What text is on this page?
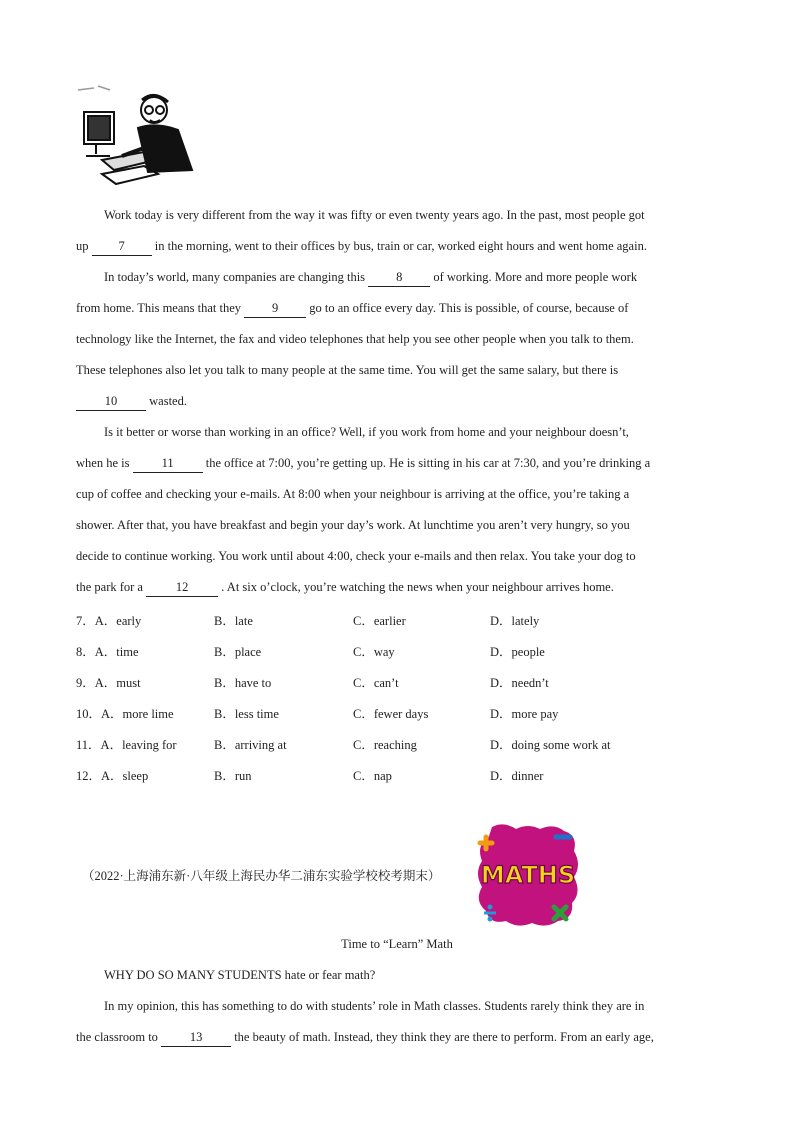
Work today is very different from the way it was fifty or even twenty years ago. In the past, most people got
up 7 in the morning, went to their offices by bus, train or car, worked eight hours and went home again.
In today’s world, many companies are changing this 8 of working. More and more people work
from home. This means that they 9 go to an office every day. This is possible, of course, because of
technology like the Internet, the fax and video telephones that help you see other people when you talk to them.
These telephones also let you talk to many people at the same time. You will get the same salary, but there is
10 wasted.
Is it better or worse than working in an office? Well, if you work from home and your neighbour doesn’t,
when he is 11 the office at 7:00, you’re getting up. He is sitting in his car at 7:30, and you’re drinking a
cup of coffee and checking your e-mails. At 8:00 when your neighbour is arriving at the office, you’re taking a
shower. After that, you have breakfast and begin your day’s work. At lunchtime you aren’t very hungry, so you
decide to continue working. You work until about 4:00, check your e-mails and then relax. You take your dog to
the park for a 12 . At six o’clock, you’re watching the news when your neighbour arrives home.
7．A．early	B．late	C．earlier	D．lately
8．A．time	B．place	C．way	D．people
9．A．must	B．have to	C．can’t	D．needn’t
10．A．more lime	B．less time	C．fewer days	D．more pay
11．A．leaving for	B．arriving at	C．reaching	D．doing some work at
12．A．sleep	B．run	C．nap	D．dinner
（2022·上海浦东新·八年级上海民办华二浦东实验学校校考期末） MATHS
Time to “Learn” Math
WHY DO SO MANY STUDENTS hate or fear math?
In my opinion, this has something to do with students’ role in Math classes. Students rarely think they are in
the classroom to 13 the beauty of math. Instead, they think they are there to perform. From an early age,
